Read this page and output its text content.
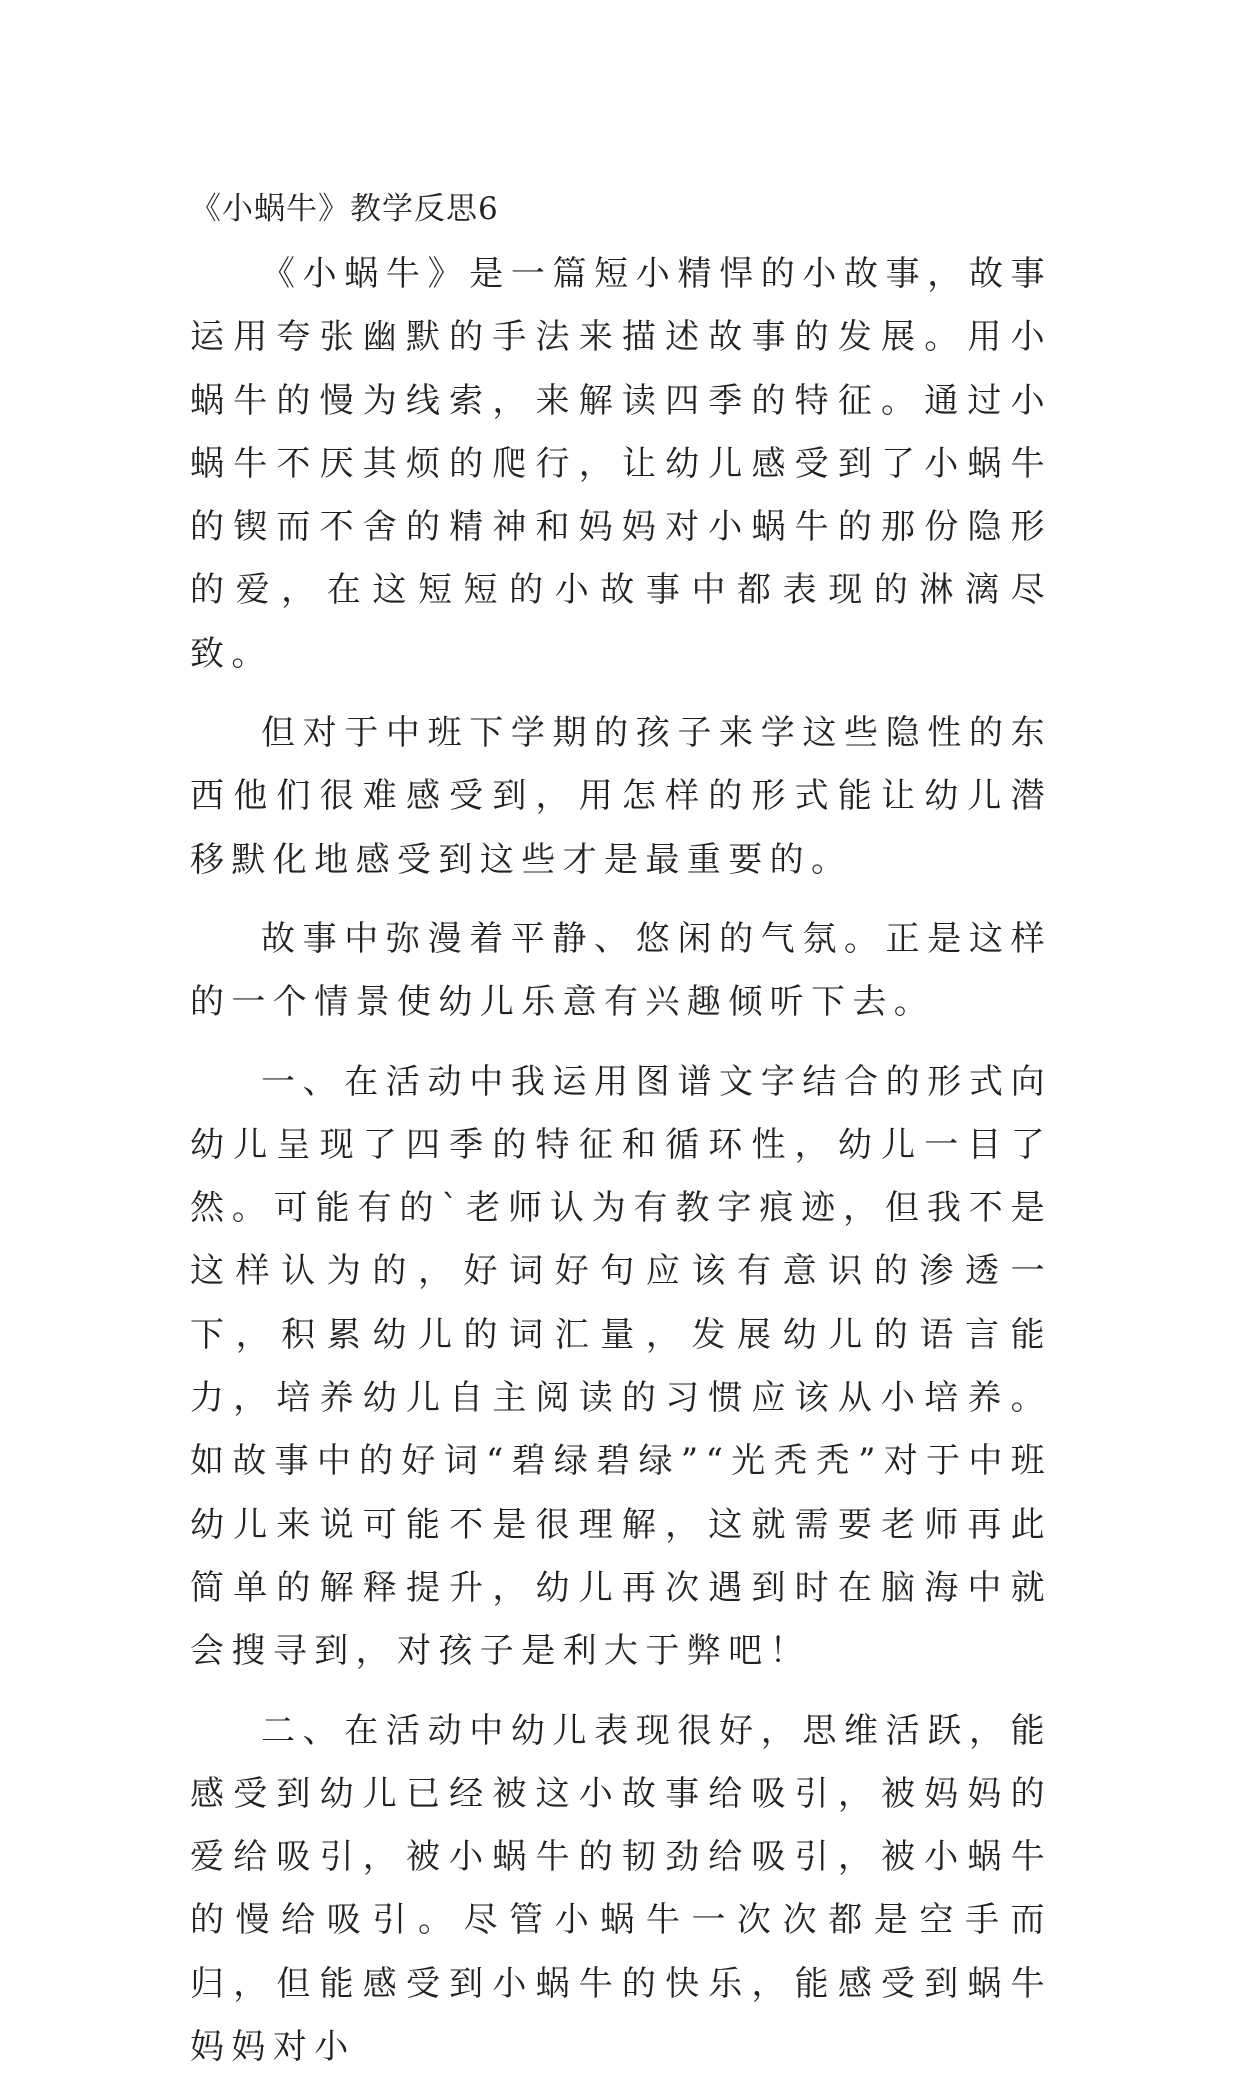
《小蜗牛》教学反思6

《小蜗牛》是一篇短小精悍的小故事，故事运用夸张幽默的手法来描述故事的发展。用小蜗牛的慢为线索，来解读四季的特征。通过小蜗牛不厌其烦的爬行，让幼儿感受到了小蜗牛的锲而不舍的精神和妈妈对小蜗牛的那份隐形的爱，在这短短的小故事中都表现的淋漓尽致。

但对于中班下学期的孩子来学这些隐性的东西他们很难感受到，用怎样的形式能让幼儿潜移默化地感受到这些才是最重要的。

故事中弥漫着平静、悠闲的气氛。正是这样的一个情景使幼儿乐意有兴趣倾听下去。

一、在活动中我运用图谱文字结合的形式向幼儿呈现了四季的特征和循环性，幼儿一目了然。可能有的`老师认为有教字痕迹，但我不是这样认为的，好词好句应该有意识的渗透一下，积累幼儿的词汇量，发展幼儿的语言能力，培养幼儿自主阅读的习惯应该从小培养。如故事中的好词“碧绿碧绿”“光秃秃”对于中班幼儿来说可能不是很理解，这就需要老师再此简单的解释提升，幼儿再次遇到时在脑海中就会搜寻到，对孩子是利大于弊吧！

二、在活动中幼儿表现很好，思维活跃，能感受到幼儿已经被这小故事给吸引，被妈妈的爱给吸引，被小蜗牛的韧劲给吸引，被小蜗牛的慢给吸引。尽管小蜗牛一次次都是空手而归，但能感受到小蜗牛的快乐，能感受到蜗牛妈妈对小
